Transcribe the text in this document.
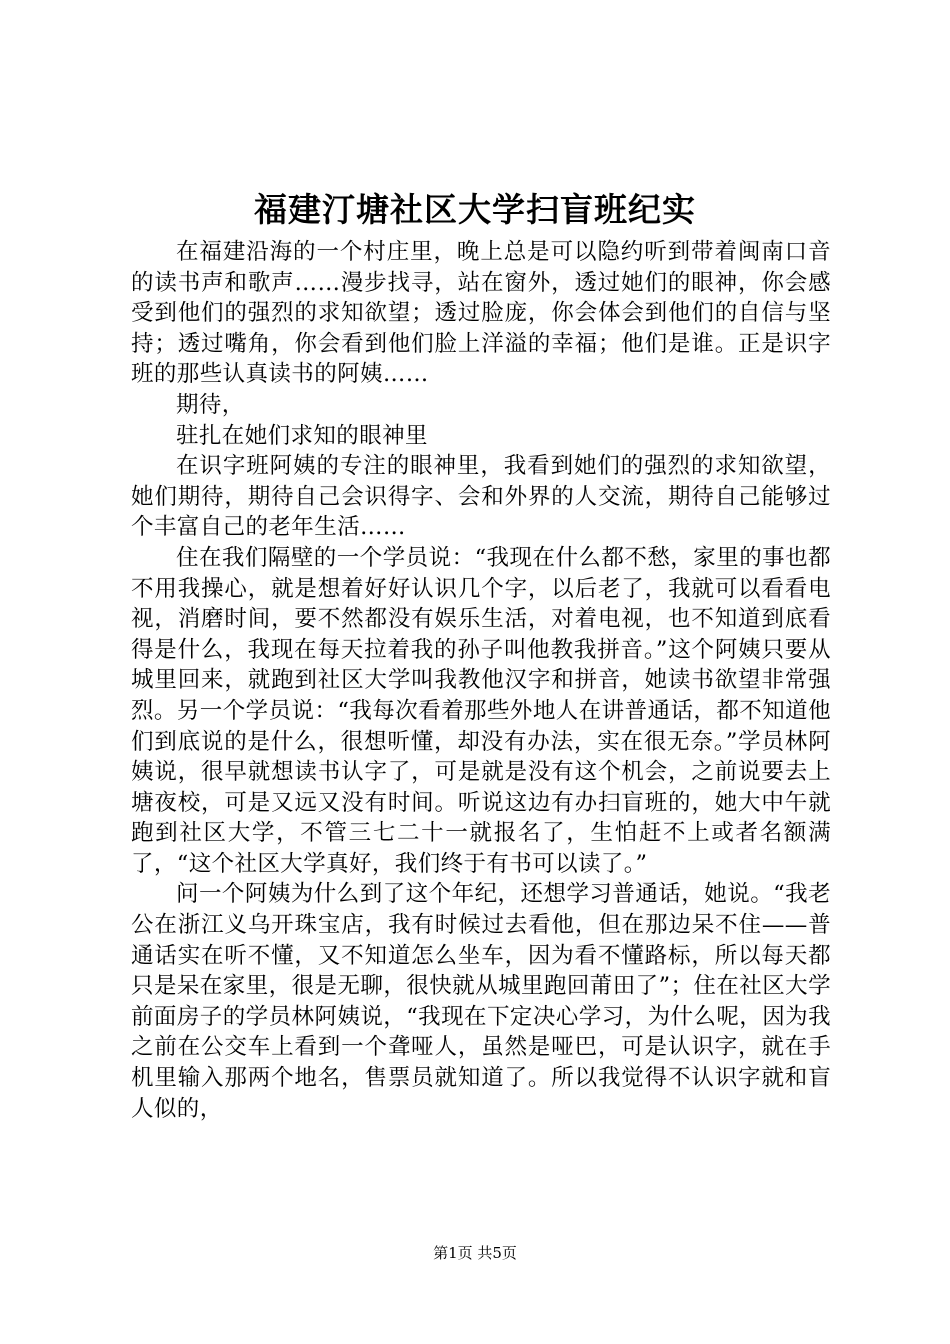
福建汀塘社区大学扫盲班纪实

在福建沿海的一个村庄里，晚上总是可以隐约听到带着闽南口音的读书声和歌声……漫步找寻，站在窗外，透过她们的眼神，你会感受到他们的强烈的求知欲望；透过脸庞，你会体会到他们的自信与坚持；透过嘴角，你会看到他们脸上洋溢的幸福；他们是谁。正是识字班的那些认真读书的阿姨……

期待，

驻扎在她们求知的眼神里

在识字班阿姨的专注的眼神里，我看到她们的强烈的求知欲望，她们期待，期待自己会识得字、会和外界的人交流，期待自己能够过个丰富自己的老年生活……

住在我们隔壁的一个学员说：“我现在什么都不愁，家里的事也都不用我操心，就是想着好好认识几个字，以后老了，我就可以看看电视，消磨时间，要不然都没有娱乐生活，对着电视，也不知道到底看得是什么，我现在每天拉着我的孙子叫他教我拼音。”这个阿姨只要从城里回来，就跑到社区大学叫我教他汉字和拼音，她读书欲望非常强烈。另一个学员说：“我每次看着那些外地人在讲普通话，都不知道他们到底说的是什么，很想听懂，却没有办法，实在很无奈。”学员林阿姨说，很早就想读书认字了，可是就是没有这个机会，之前说要去上塘夜校，可是又远又没有时间。听说这边有办扫盲班的，她大中午就跑到社区大学，不管三七二十一就报名了，生怕赶不上或者名额满了，“这个社区大学真好，我们终于有书可以读了。”

问一个阿姨为什么到了这个年纪，还想学习普通话，她说。“我老公在浙江义乌开珠宝店，我有时候过去看他，但在那边呆不住——普通话实在听不懂，又不知道怎么坐车，因为看不懂路标，所以每天都只是呆在家里，很是无聊，很快就从城里跑回莆田了”；住在社区大学前面房子的学员林阿姨说，“我现在下定决心学习，为什么呢，因为我之前在公交车上看到一个聋哑人，虽然是哑巴，可是认识字，就在手机里输入那两个地名，售票员就知道了。所以我觉得不认识字就和盲人似的，

第1页 共5页
